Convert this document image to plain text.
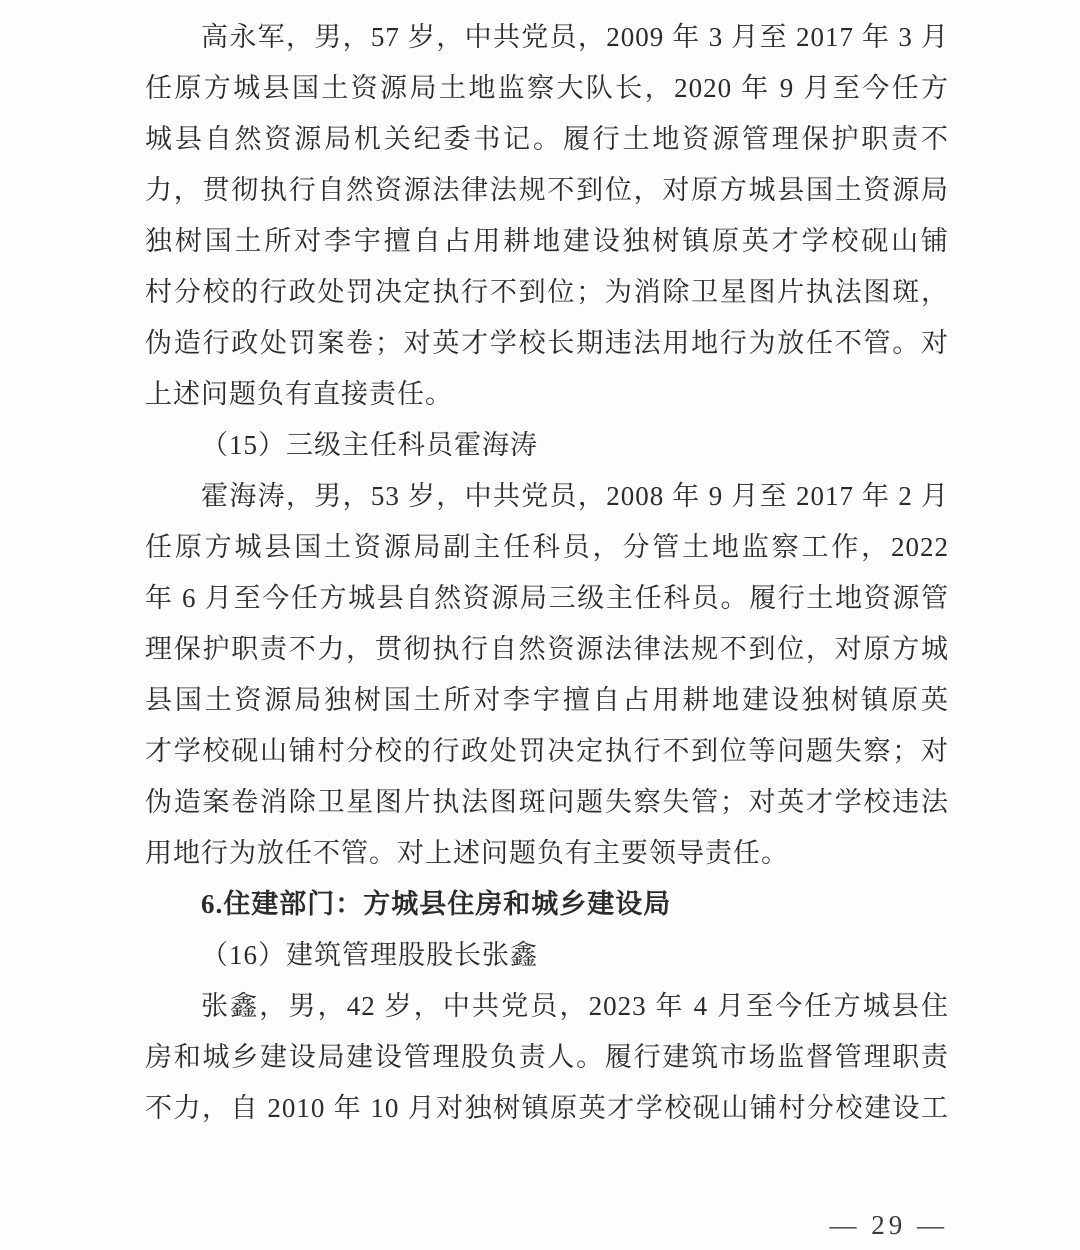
高永军，男，57 岁，中共党员，2009 年 3 月至 2017 年 3 月
任原方城县国土资源局土地监察大队长，2020 年 9 月至今任方
城县自然资源局机关纪委书记。履行土地资源管理保护职责不
力，贯彻执行自然资源法律法规不到位，对原方城县国土资源局
独树国土所对李宇擅自占用耕地建设独树镇原英才学校砚山铺
村分校的行政处罚决定执行不到位；为消除卫星图片执法图斑，
伪造行政处罚案卷；对英才学校长期违法用地行为放任不管。对
上述问题负有直接责任。
（15）三级主任科员霍海涛
霍海涛，男，53 岁，中共党员，2008 年 9 月至 2017 年 2 月
任原方城县国土资源局副主任科员，分管土地监察工作，2022
年 6 月至今任方城县自然资源局三级主任科员。履行土地资源管
理保护职责不力，贯彻执行自然资源法律法规不到位，对原方城
县国土资源局独树国土所对李宇擅自占用耕地建设独树镇原英
才学校砚山铺村分校的行政处罚决定执行不到位等问题失察；对
伪造案卷消除卫星图片执法图斑问题失察失管；对英才学校违法
用地行为放任不管。对上述问题负有主要领导责任。
6.住建部门：方城县住房和城乡建设局
（16）建筑管理股股长张鑫
张鑫，男，42 岁，中共党员，2023 年 4 月至今任方城县住
房和城乡建设局建设管理股负责人。履行建筑市场监督管理职责
不力，自 2010 年 10 月对独树镇原英才学校砚山铺村分校建设工
— 29 —
